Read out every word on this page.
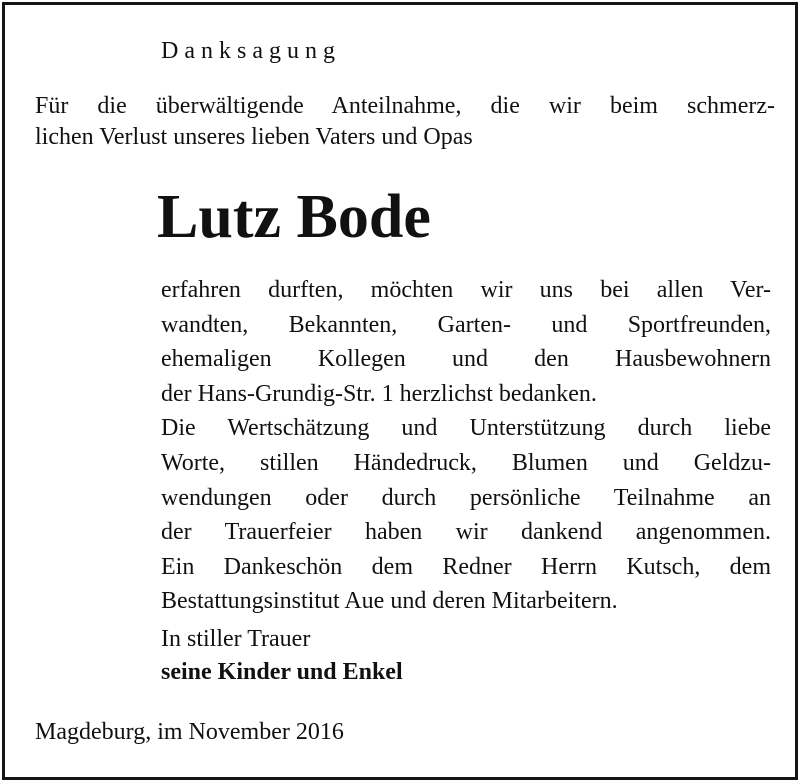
Danksagung
Für die überwältigende Anteilnahme, die wir beim schmerz-
lichen Verlust unseres lieben Vaters und Opas
Lutz Bode
erfahren durften, möchten wir uns bei allen Ver-
wandten, Bekannten, Garten- und Sportfreunden,
ehemaligen Kollegen und den Hausbewohnern
der Hans-Grundig-Str. 1 herzlichst bedanken.
Die Wertschätzung und Unterstützung durch liebe
Worte, stillen Händedruck, Blumen und Geldzu-
wendungen oder durch persönliche Teilnahme an
der Trauerfeier haben wir dankend angenommen.
Ein Dankeschön dem Redner Herrn Kutsch, dem
Bestattungsinstitut Aue und deren Mitarbeitern.
In stiller Trauer
seine Kinder und Enkel
Magdeburg, im November 2016
